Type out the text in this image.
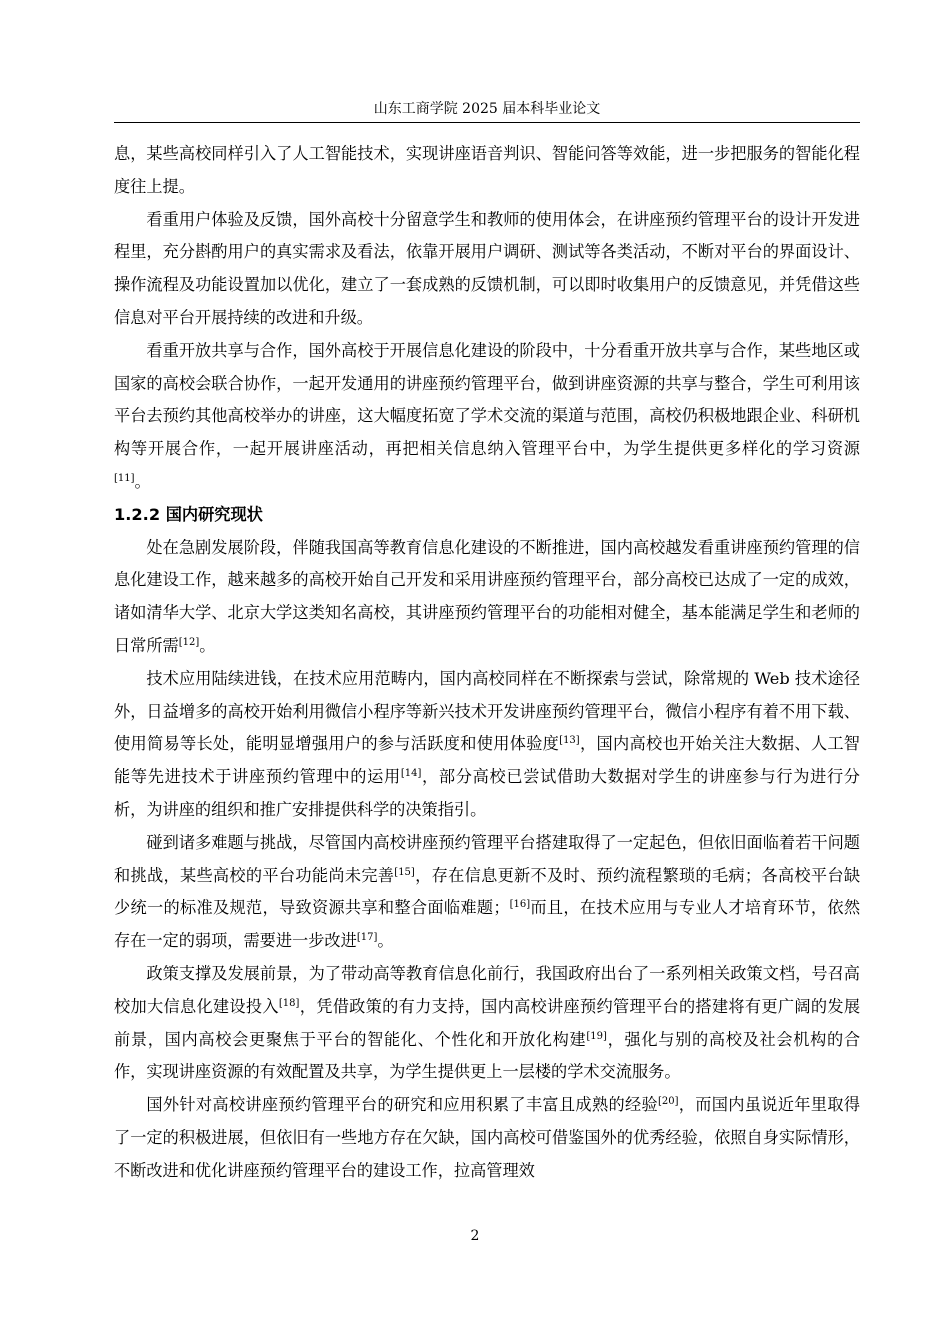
山东工商学院 2025 届本科毕业论文

息，某些高校同样引入了人工智能技术，实现讲座语音判识、智能问答等效能，进一步把服务的智能化程度往上提。

看重用户体验及反馈，国外高校十分留意学生和教师的使用体会，在讲座预约管理平台的设计开发进程里，充分斟酌用户的真实需求及看法，依靠开展用户调研、测试等各类活动，不断对平台的界面设计、操作流程及功能设置加以优化，建立了一套成熟的反馈机制，可以即时收集用户的反馈意见，并凭借这些信息对平台开展持续的改进和升级。

看重开放共享与合作，国外高校于开展信息化建设的阶段中，十分看重开放共享与合作，某些地区或国家的高校会联合协作，一起开发通用的讲座预约管理平台，做到讲座资源的共享与整合，学生可利用该平台去预约其他高校举办的讲座，这大幅度拓宽了学术交流的渠道与范围，高校仍积极地跟企业、科研机构等开展合作，一起开展讲座活动，再把相关信息纳入管理平台中，为学生提供更多样化的学习资源[11]。

1.2.2 国内研究现状

处在急剧发展阶段，伴随我国高等教育信息化建设的不断推进，国内高校越发看重讲座预约管理的信息化建设工作，越来越多的高校开始自己开发和采用讲座预约管理平台，部分高校已达成了一定的成效，诸如清华大学、北京大学这类知名高校，其讲座预约管理平台的功能相对健全，基本能满足学生和老师的日常所需[12]。

技术应用陆续进钱，在技术应用范畴内，国内高校同样在不断探索与尝试，除常规的 Web 技术途径外，日益增多的高校开始利用微信小程序等新兴技术开发讲座预约管理平台，微信小程序有着不用下载、使用简易等长处，能明显增强用户的参与活跃度和使用体验度[13]，国内高校也开始关注大数据、人工智能等先进技术于讲座预约管理中的运用[14]，部分高校已尝试借助大数据对学生的讲座参与行为进行分析，为讲座的组织和推广安排提供科学的决策指引。

碰到诸多难题与挑战，尽管国内高校讲座预约管理平台搭建取得了一定起色，但依旧面临着若干问题和挑战，某些高校的平台功能尚未完善[15]，存在信息更新不及时、预约流程繁琐的毛病；各高校平台缺少统一的标准及规范，导致资源共享和整合面临难题；[16]而且，在技术应用与专业人才培育环节，依然存在一定的弱项，需要进一步改进[17]。

政策支撑及发展前景，为了带动高等教育信息化前行，我国政府出台了一系列相关政策文档，号召高校加大信息化建设投入[18]，凭借政策的有力支持，国内高校讲座预约管理平台的搭建将有更广阔的发展前景，国内高校会更聚焦于平台的智能化、个性化和开放化构建[19]，强化与别的高校及社会机构的合作，实现讲座资源的有效配置及共享，为学生提供更上一层楼的学术交流服务。

国外针对高校讲座预约管理平台的研究和应用积累了丰富且成熟的经验[20]，而国内虽说近年里取得了一定的积极进展，但依旧有一些地方存在欠缺，国内高校可借鉴国外的优秀经验，依照自身实际情形，不断改进和优化讲座预约管理平台的建设工作，拉高管理效

2
